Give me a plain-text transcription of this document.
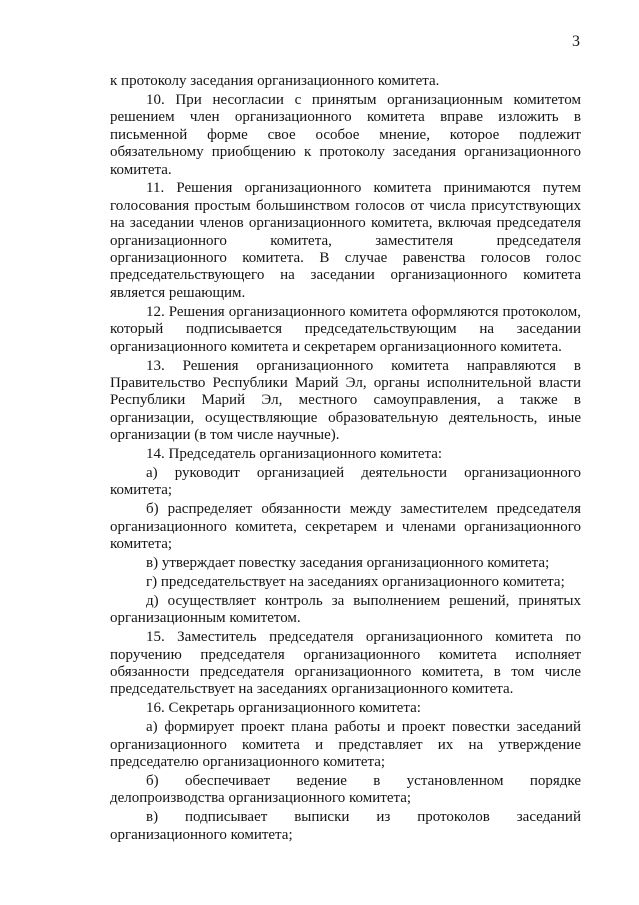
3

к протоколу заседания организационного комитета.

10. При несогласии с принятым организационным комитетом решением член организационного комитета вправе изложить в письменной форме свое особое мнение, которое подлежит обязательному приобщению к протоколу заседания организационного комитета.

11. Решения организационного комитета принимаются путем голосования простым большинством голосов от числа присутствующих на заседании членов организационного комитета, включая председателя организационного комитета, заместителя председателя организационного комитета. В случае равенства голосов голос председательствующего на заседании организационного комитета является решающим.

12. Решения организационного комитета оформляются протоколом, который подписывается председательствующим на заседании организационного комитета и секретарем организационного комитета.

13. Решения организационного комитета направляются в Правительство Республики Марий Эл, органы исполнительной власти Республики Марий Эл, местного самоуправления, а также в организации, осуществляющие образовательную деятельность, иные организации (в том числе научные).

14. Председатель организационного комитета:

а) руководит организацией деятельности организационного комитета;

б) распределяет обязанности между заместителем председателя организационного комитета, секретарем и членами организационного комитета;

в) утверждает повестку заседания организационного комитета;

г) председательствует на заседаниях организационного комитета;

д) осуществляет контроль за выполнением решений, принятых организационным комитетом.

15. Заместитель председателя организационного комитета по поручению председателя организационного комитета исполняет обязанности председателя организационного комитета, в том числе председательствует на заседаниях организационного комитета.

16. Секретарь организационного комитета:

а) формирует проект плана работы и проект повестки заседаний организационного комитета и представляет их на утверждение председателю организационного комитета;

б) обеспечивает ведение в установленном порядке делопроизводства организационного комитета;

в) подписывает выписки из протоколов заседаний организационного комитета;
